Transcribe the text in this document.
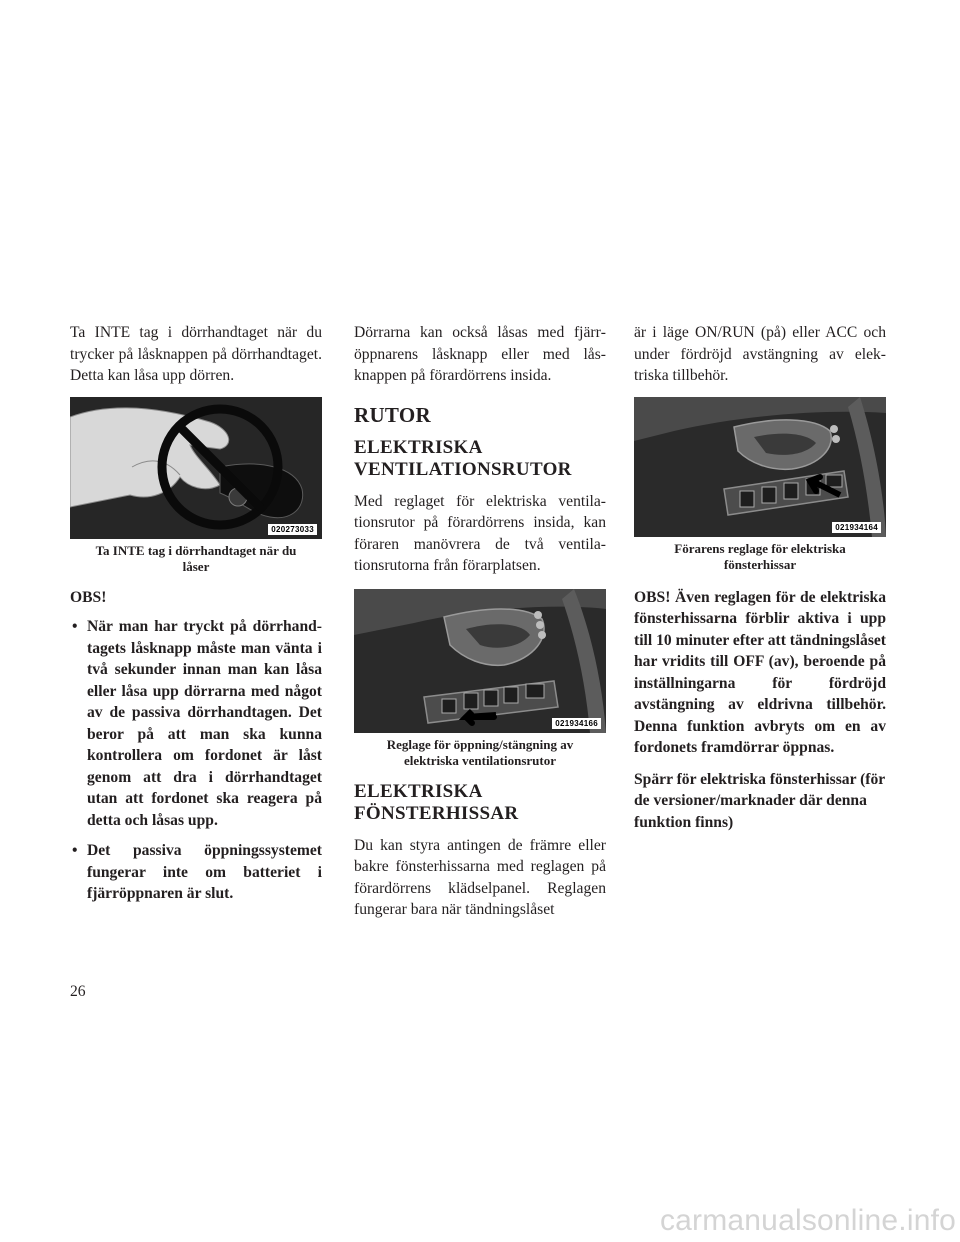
Ta INTE tag i dörrhandtaget när du trycker på låsknappen på dörrhandtaget. Detta kan låsa upp dörren.

020273033

Ta INTE tag i dörrhandtaget när du
låser

OBS!

• När man har tryckt på dörrhandtagets låsknapp måste man vänta i två sekunder innan man kan låsa eller låsa upp dörrarna med något av de passiva dörrhandtagen. Det beror på att man ska kunna kontrollera om fordonet är låst genom att dra i dörrhandtaget utan att fordonet ska reagera på detta och låsas upp.
• Det passiva öppningssystemet fungerar inte om batteriet i fjärröppnaren är slut.

Dörrarna kan också låsas med fjärröppnarens låsknapp eller med låsknappen på förardörrens insida.

RUTOR
ELEKTRISKA
VENTILATIONSRUTOR

Med reglaget för elektriska ventilationsrutor på förardörrens insida, kan föraren manövrera de två ventilationsrutorna från förarplatsen.

021934166

Reglage för öppning/stängning av
elektriska ventilationsrutor

ELEKTRISKA
FÖNSTERHISSAR

Du kan styra antingen de främre eller bakre fönsterhissarna med reglagen på förardörrens klädselpanel. Reglagen fungerar bara när tändningslåset

är i läge ON/RUN (på) eller ACC och under fördröjd avstängning av elektriska tillbehör.

021934164

Förarens reglage för elektriska
fönsterhissar

OBS! Även reglagen för de elektriska fönsterhissarna förblir aktiva i upp till 10 minuter efter att tändningslåset har vridits till OFF (av), beroende på inställningarna för fördröjd avstängning av eldrivna tillbehör. Denna funktion avbryts om en av fordonets framdörrar öppnas.

Spärr för elektriska fönsterhissar (för de versioner/marknader där denna funktion finns)

26
carmanualsonline.info
